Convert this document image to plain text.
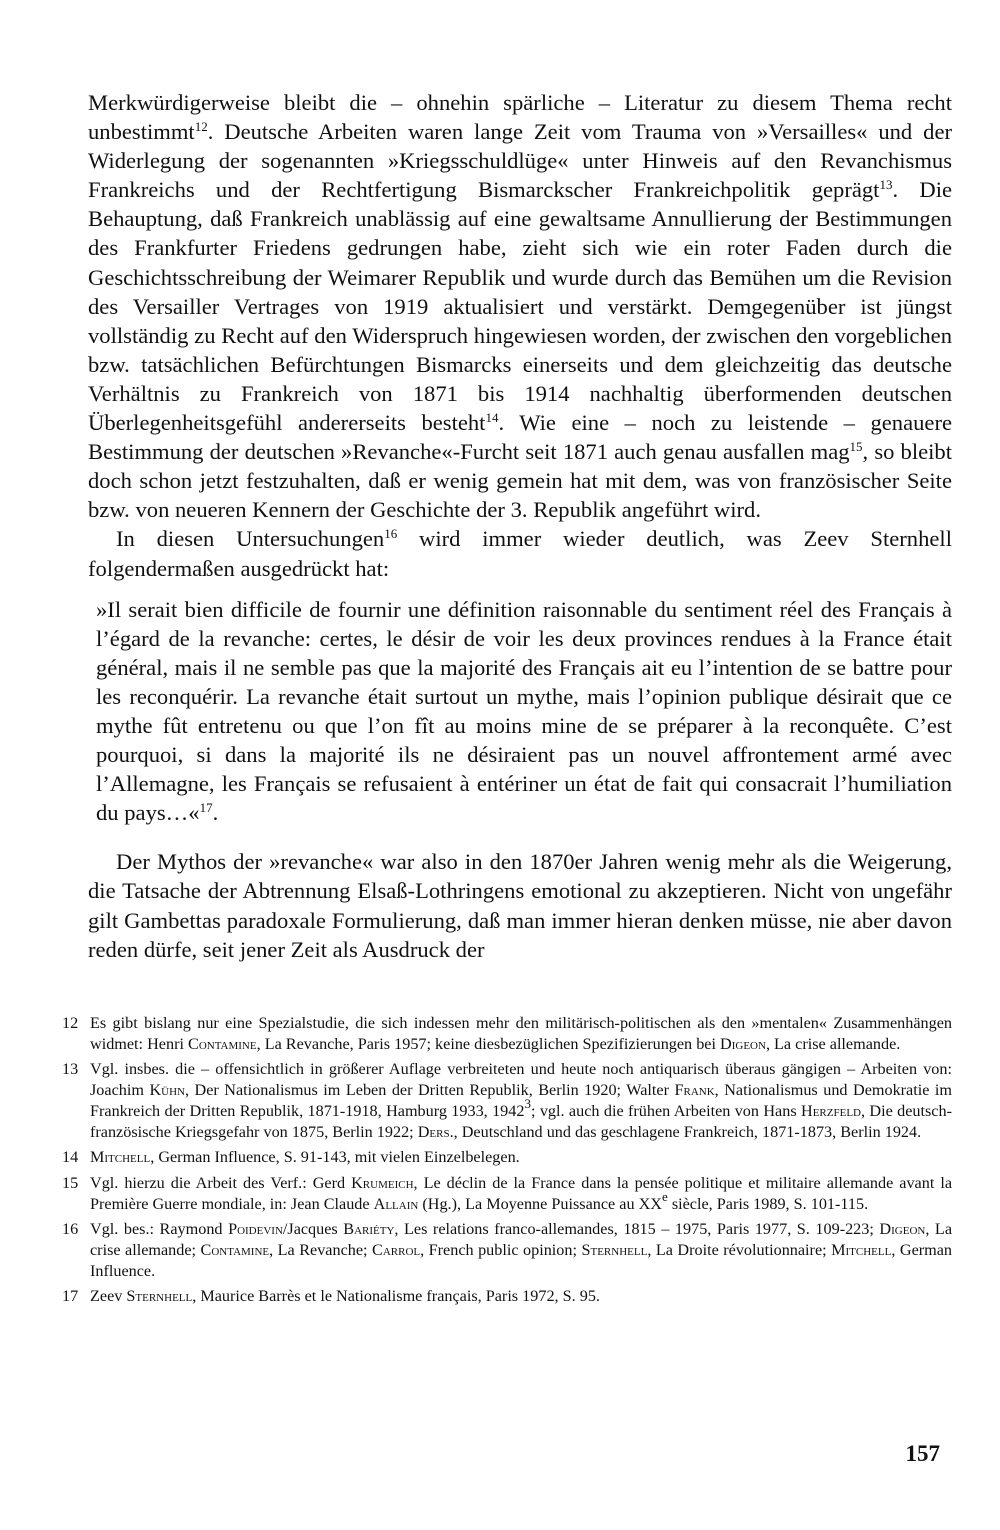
Merkwürdigerweise bleibt die – ohnehin spärliche – Literatur zu diesem Thema recht unbestimmt$^{12}$. Deutsche Arbeiten waren lange Zeit vom Trauma von »Versailles« und der Widerlegung der sogenannten »Kriegsschuldlüge« unter Hinweis auf den Revanchismus Frankreichs und der Rechtfertigung Bismarckscher Frankreichpolitik geprägt$^{13}$. Die Behauptung, daß Frankreich unablässig auf eine gewaltsame Annullierung der Bestimmungen des Frankfurter Friedens gedrungen habe, zieht sich wie ein roter Faden durch die Geschichtsschreibung der Weimarer Republik und wurde durch das Bemühen um die Revision des Versailler Vertrages von 1919 aktualisiert und verstärkt. Demgegenüber ist jüngst vollständig zu Recht auf den Widerspruch hingewiesen worden, der zwischen den vorgeblichen bzw. tatsächlichen Befürchtungen Bismarcks einerseits und dem gleichzeitig das deutsche Verhältnis zu Frankreich von 1871 bis 1914 nachhaltig überformenden deutschen Überlegenheitsgefühl andererseits besteht$^{14}$. Wie eine – noch zu leistende – genauere Bestimmung der deutschen »Revanche«-Furcht seit 1871 auch genau ausfallen mag$^{15}$, so bleibt doch schon jetzt festzuhalten, daß er wenig gemein hat mit dem, was von französischer Seite bzw. von neueren Kennern der Geschichte der 3. Republik angeführt wird.

In diesen Untersuchungen$^{16}$ wird immer wieder deutlich, was Zeev Sternhell folgendermaßen ausgedrückt hat:

»Il serait bien difficile de fournir une définition raisonnable du sentiment réel des Français à l’égard de la revanche: certes, le désir de voir les deux provinces rendues à la France était général, mais il ne semble pas que la majorité des Français ait eu l’intention de se battre pour les reconquérir. La revanche était surtout un mythe, mais l’opinion publique désirait que ce mythe fût entretenu ou que l’on fît au moins mine de se préparer à la reconquête. C’est pourquoi, si dans la majorité ils ne désiraient pas un nouvel affrontement armé avec l’Allemagne, les Français se refusaient à entériner un état de fait qui consacrait l’humiliation du pays…«$^{17}$.

Der Mythos der »revanche« war also in den 1870er Jahren wenig mehr als die Weigerung, die Tatsache der Abtrennung Elsaß-Lothringens emotional zu akzeptieren. Nicht von ungefähr gilt Gambettas paradoxale Formulierung, daß man immer hieran denken müsse, nie aber davon reden dürfe, seit jener Zeit als Ausdruck der

12 Es gibt bislang nur eine Spezialstudie, die sich indessen mehr den militärisch-politischen als den »mentalen« Zusammenhängen widmet: Henri Contamine, La Revanche, Paris 1957; keine diesbezüglichen Spezifizierungen bei Digeon, La crise allemande.
13 Vgl. insbes. die – offensichtlich in größerer Auflage verbreiteten und heute noch antiquarisch überaus gängigen – Arbeiten von: Joachim Kühn, Der Nationalismus im Leben der Dritten Republik, Berlin 1920; Walter Frank, Nationalismus und Demokratie im Frankreich der Dritten Republik, 1871-1918, Hamburg 1933, 1942$^3$; vgl. auch die frühen Arbeiten von Hans Herzfeld, Die deutsch-französische Kriegsgefahr von 1875, Berlin 1922; Ders., Deutschland und das geschlagene Frankreich, 1871-1873, Berlin 1924.
14 Mitchell, German Influence, S. 91-143, mit vielen Einzelbelegen.
15 Vgl. hierzu die Arbeit des Verf.: Gerd Krumeich, Le déclin de la France dans la pensée politique et militaire allemande avant la Première Guerre mondiale, in: Jean Claude Allain (Hg.), La Moyenne Puissance au XXe siècle, Paris 1989, S. 101-115.
16 Vgl. bes.: Raymond Poidevin/Jacques Bariéty, Les relations franco-allemandes, 1815 – 1975, Paris 1977, S. 109-223; Digeon, La crise allemande; Contamine, La Revanche; Carrol, French public opinion; Sternhell, La Droite révolutionnaire; Mitchell, German Influence.
17 Zeev Sternhell, Maurice Barrès et le Nationalisme français, Paris 1972, S. 95.
157
